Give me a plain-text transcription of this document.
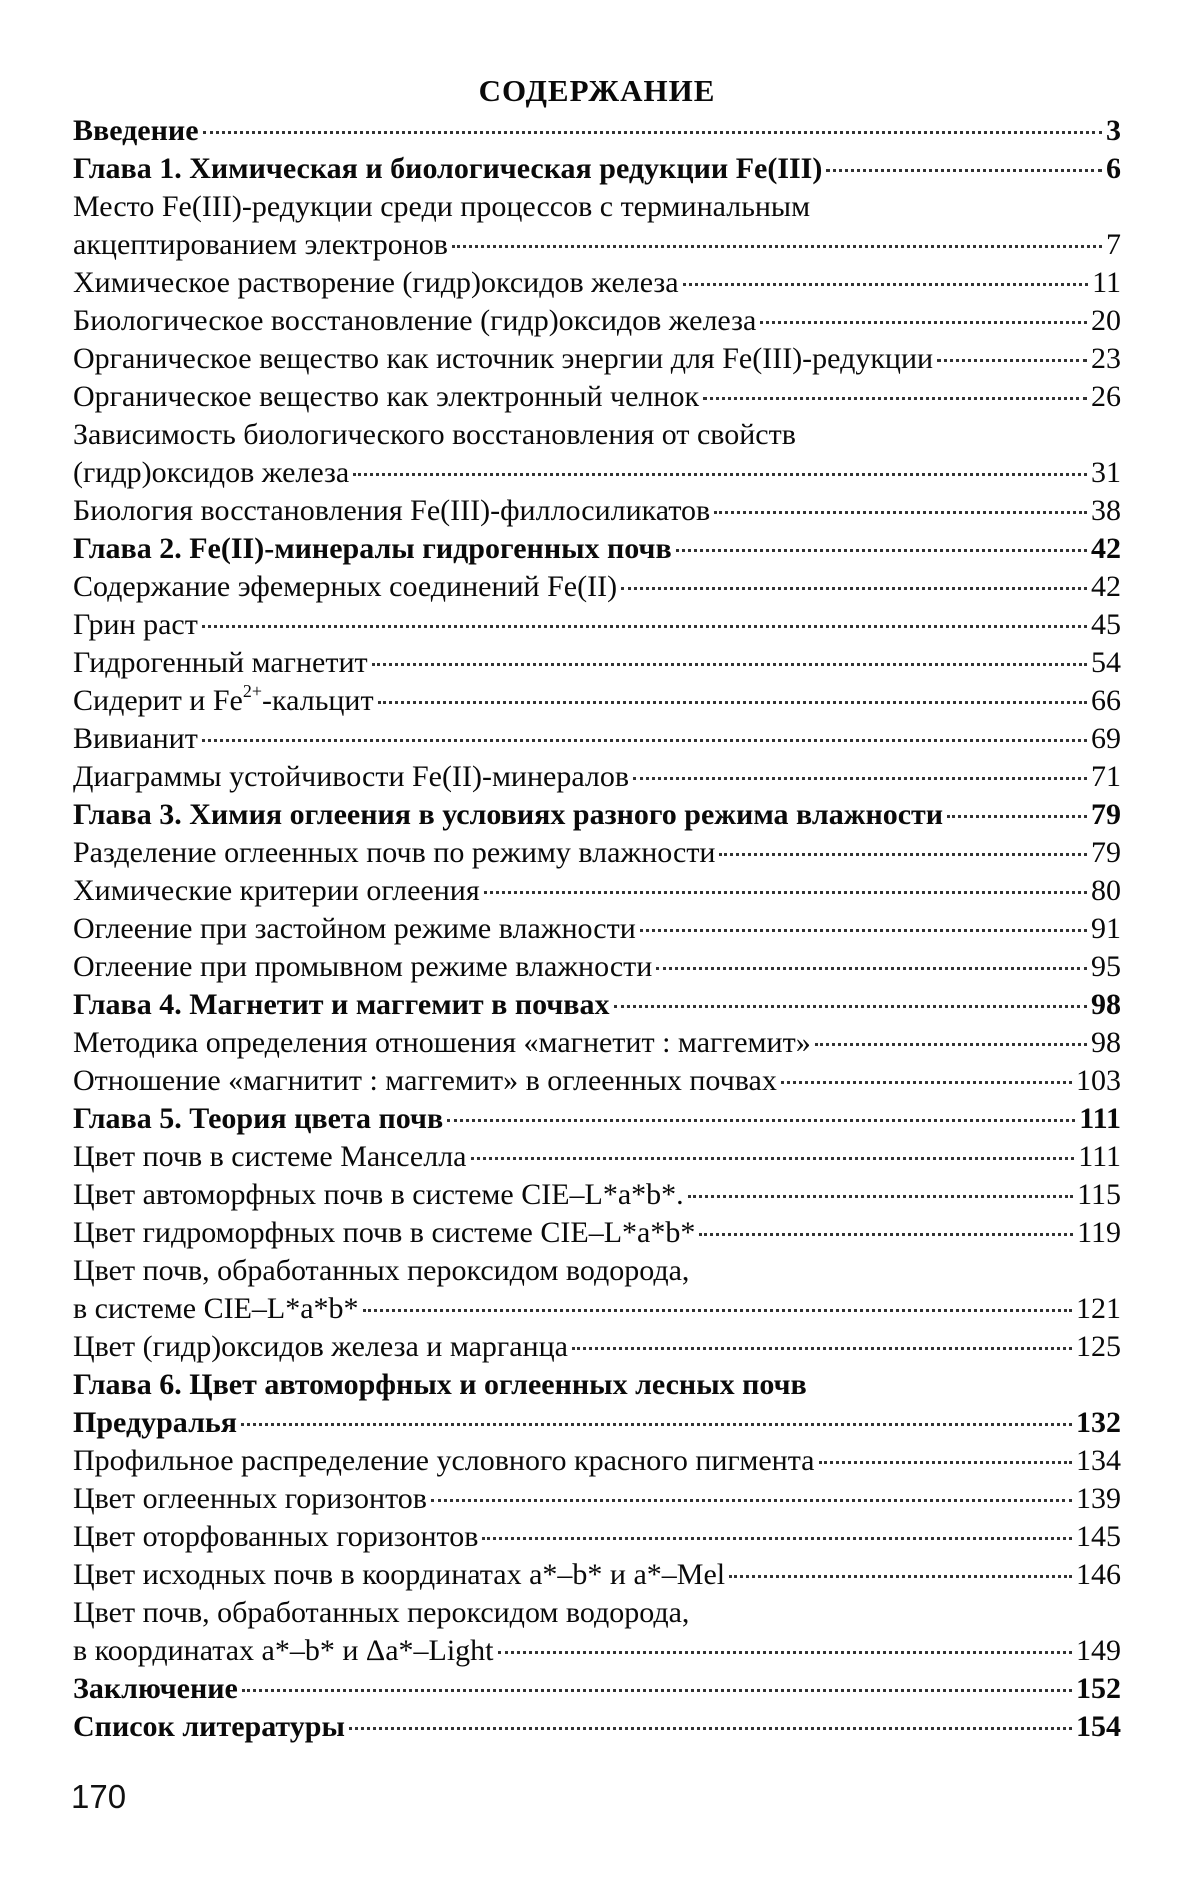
СОДЕРЖАНИЕ
Введение	3
Глава 1. Химическая и биологическая редукции Fe(III)	6
Место Fe(III)-редукции среди процессов с терминальным
акцептированием электронов	7
Химическое растворение (гидр)оксидов железа	11
Биологическое восстановление (гидр)оксидов железа	20
Органическое вещество как источник энергии для Fe(III)-редукции	23
Органическое вещество как электронный челнок	26
Зависимость биологического восстановления от свойств
(гидр)оксидов железа	31
Биология восстановления Fe(III)-филлосиликатов	38
Глава 2. Fe(II)-минералы гидрогенных почв	42
Содержание эфемерных соединений Fe(II)	42
Грин раст	45
Гидрогенный магнетит	54
Сидерит и $Fe^{2+}$-кальцит	66
Вивианит	69
Диаграммы устойчивости Fe(II)-минералов	71
Глава 3. Химия оглеения в условиях разного режима влажности	79
Разделение оглеенных почв по режиму влажности	79
Химические критерии оглеения	80
Оглеение при застойном режиме влажности	91
Оглеение при промывном режиме влажности	95
Глава 4. Магнетит и маггемит в почвах	98
Методика определения отношения «магнетит : маггемит»	98
Отношение «магнитит : маггемит» в оглеенных почвах	103
Глава 5. Теория цвета почв	111
Цвет почв в системе Манселла	111
Цвет автоморфных почв в системе CIE–L*a*b*.	115
Цвет гидроморфных почв в системе CIE–L*a*b*	119
Цвет почв, обработанных пероксидом водорода,
в системе CIE–L*a*b*	121
Цвет (гидр)оксидов железа и марганца	125
Глава 6. Цвет автоморфных и оглеенных лесных почв
Предуралья	132
Профильное распределение условного красного пигмента	134
Цвет оглеенных горизонтов	139
Цвет оторфованных горизонтов	145
Цвет исходных почв в координатах a*–b* и a*–Mel	146
Цвет почв, обработанных пероксидом водорода,
в координатах a*–b* и Δa*–Light	149
Заключение	152
Список литературы	154
170
